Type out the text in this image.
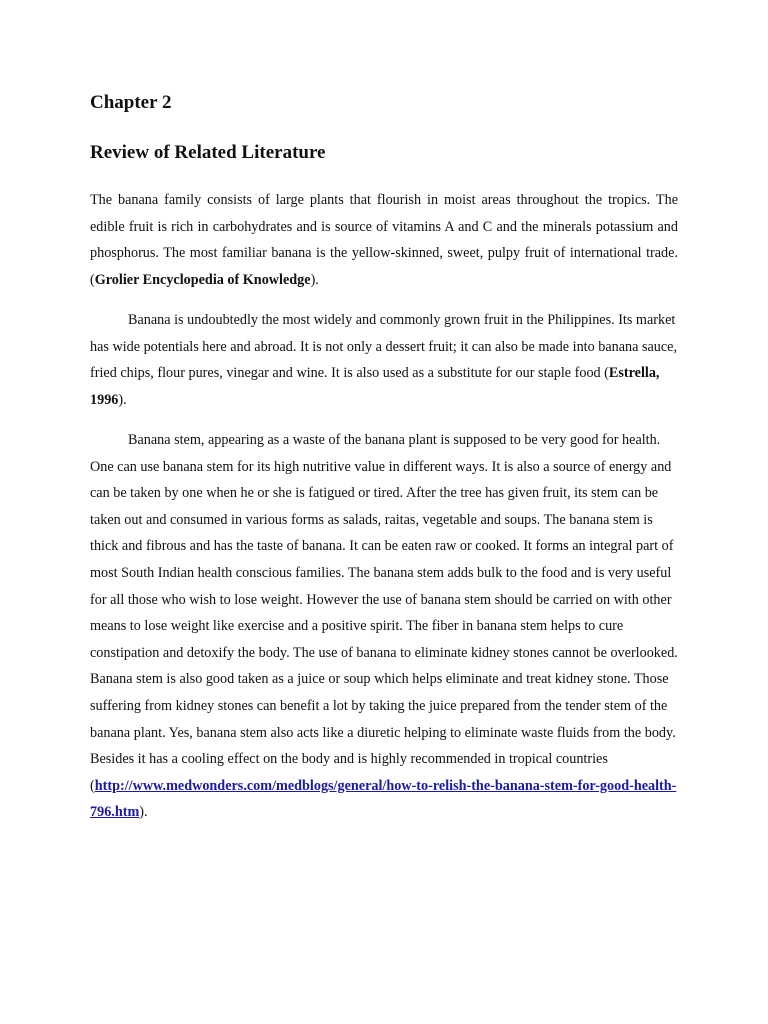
Chapter 2
Review of Related Literature

The banana family consists of large plants that flourish in moist areas throughout the tropics. The edible fruit is rich in carbohydrates and is source of vitamins A and C and the minerals potassium and phosphorus. The most familiar banana is the yellow-skinned, sweet, pulpy fruit of international trade.(Grolier Encyclopedia of Knowledge).

Banana is undoubtedly the most widely and commonly grown fruit in the Philippines. Its market has wide potentials here and abroad. It is not only a dessert fruit; it can also be made into banana sauce, fried chips, flour pures, vinegar and wine. It is also used as a substitute for our staple food (Estrella, 1996).

Banana stem, appearing as a waste of the banana plant is supposed to be very good for health. One can use banana stem for its high nutritive value in different ways. It is also a source of energy and can be taken by one when he or she is fatigued or tired. After the tree has given fruit, its stem can be taken out and consumed in various forms as salads, raitas, vegetable and soups. The banana stem is thick and fibrous and has the taste of banana. It can be eaten raw or cooked. It forms an integral part of most South Indian health conscious families. The banana stem adds bulk to the food and is very useful for all those who wish to lose weight. However the use of banana stem should be carried on with other means to lose weight like exercise and a positive spirit. The fiber in banana stem helps to cure constipation and detoxify the body. The use of banana to eliminate kidney stones cannot be overlooked. Banana stem is also good taken as a juice or soup which helps eliminate and treat kidney stone. Those suffering from kidney stones can benefit a lot by taking the juice prepared from the tender stem of the banana plant. Yes, banana stem also acts like a diuretic helping to eliminate waste fluids from the body. Besides it has a cooling effect on the body and is highly recommended in tropical countries (http://www.medwonders.com/medblogs/general/how-to-relish-the-banana-stem-for-good-health-796.htm).
